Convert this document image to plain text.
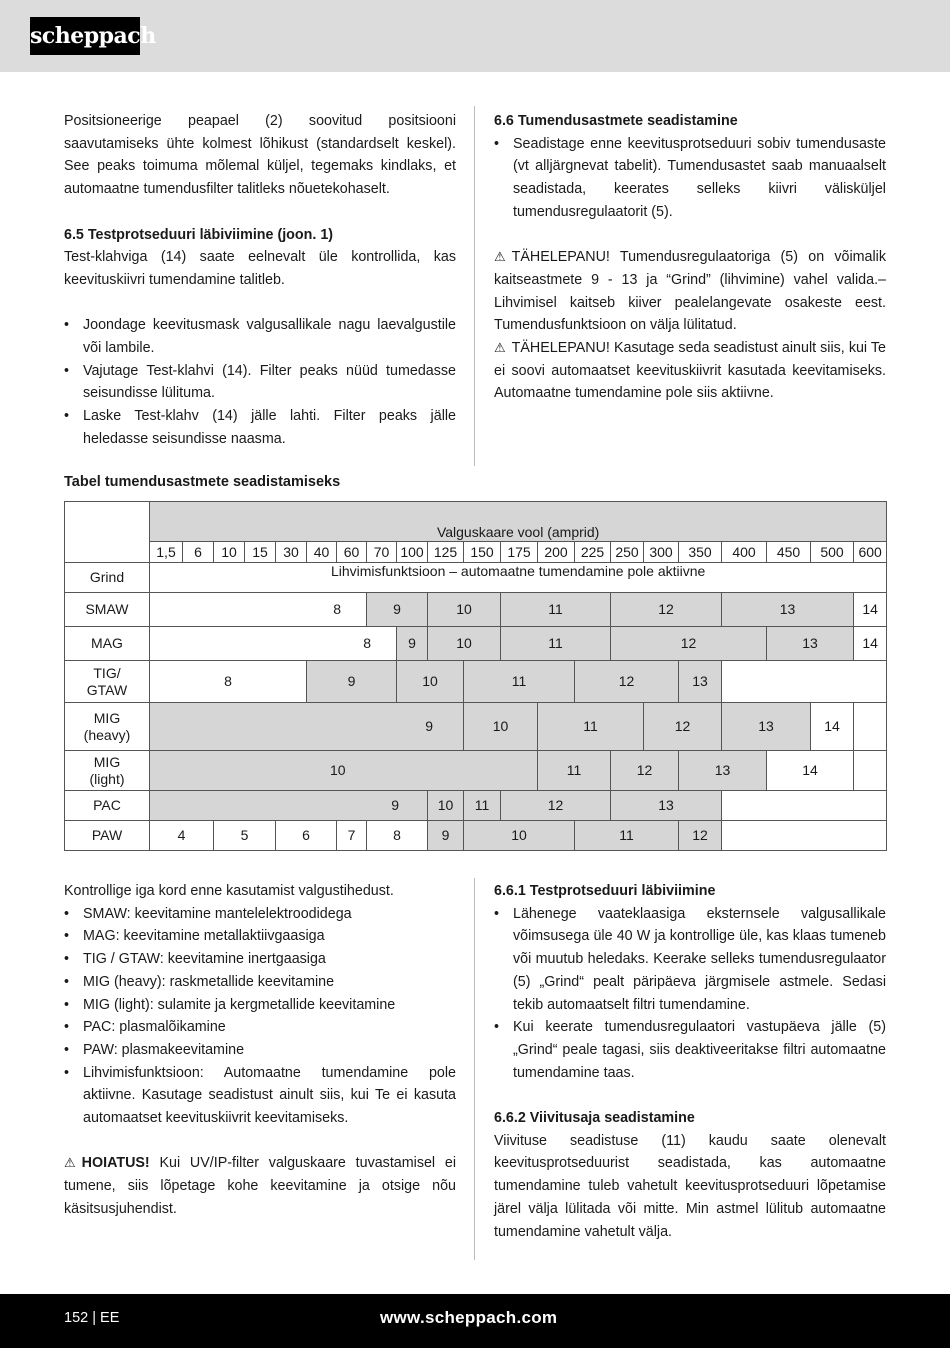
scheppach

Positsioneerige peapael (2) soovitud positsiooni saavutamiseks ühte kolmest lõhikust (standardselt keskel). See peaks toimuma mõlemal küljel, tegemaks kindlaks, et automaatne tumendusfilter talitleks nõuetekohaselt.

6.5 Testprotseduuri läbiviimine (joon. 1)

Test-klahviga (14) saate eelnevalt üle kontrollida, kas keevituskiivri tumendamine talitleb.

• Joondage keevitusmask valgusallikale nagu laevalgustile või lambile.

• Vajutage Test-klahvi (14). Filter peaks nüüd tumedasse seisundisse lülituma.

• Laske Test-klahv (14) jälle lahti. Filter peaks jälle heledasse seisundisse naasma.

6.6 Tumendusastmete seadistamine

• Seadistage enne keevitusprotseduuri sobiv tumendusaste (vt alljärgnevat tabelit). Tumendusastet saab manuaalselt seadistada, keerates selleks kiivri välisküljel tumendusregulaatorit (5).

⚠ TÄHELEPANU! Tumendusregulaatoriga (5) on võimalik kaitseastmete 9 - 13 ja “Grind” (lihvimine) vahel valida.–Lihvimisel kaitseb kiiver pealelangevate osakeste eest. Tumendusfunktsioon on välja lülitatud.

⚠ TÄHELEPANU! Kasutage seda seadistust ainult siis, kui Te ei soovi automaatset keevituskiivrit kasutada keevitamiseks. Automaatne tumendamine pole siis aktiivne.

Tabel tumendusastmete seadistamiseks
	Valguskaare vool (amprid)																				
	1,5	6	10	15	30	40	60	70	100	125	150	175	200	225	250	300	350	400	450	500	600
Grind	Lihvimisfunktsioon – automaatne tumendamine pole aktiivne																				
SMAW	8							9		10		11			12			13			14
MAG	8								9	10		11			12				13		14
TIG/
GTAW	8					9			10		11			12			13				
MIG
(heavy)	9										10		11			12		13		14	
MIG
(light)	10												11		12		13		14		
PAC	9									10	11	12			13						
PAW	4		5		6		7	8		9	10			11			12				

Kontrollige iga kord enne kasutamist valgustihedust.

• SMAW: keevitamine mantelelektroodidega

• MAG: keevitamine metallaktiivgaasiga

• TIG / GTAW: keevitamine inertgaasiga

• MIG (heavy): raskmetallide keevitamine

• MIG (light): sulamite ja kergmetallide keevitamine

• PAC: plasmalõikamine

• PAW: plasmakeevitamine

• Lihvimisfunktsioon: Automaatne tumendamine pole aktiivne. Kasutage seadistust ainult siis, kui Te ei kasuta automaatset keevituskiivrit keevitamiseks.

⚠ HOIATUS! Kui UV/IP-filter valguskaare tuvastamisel ei tumene, siis lõpetage kohe keevitamine ja otsige nõu käsitsusjuhendist.

6.6.1 Testprotseduuri läbiviimine

• Lähenege vaateklaasiga eksternsele valgusallikale võimsusega üle 40 W ja kontrollige üle, kas klaas tumeneb või muutub heledaks. Keerake selleks tumendusregulaator (5) „Grind“ pealt päripäeva järgmisele astmele. Sedasi tekib automaatselt filtri tumendamine.

• Kui keerate tumendusregulaatori vastupäeva jälle (5) „Grind“ peale tagasi, siis deaktiveeritakse filtri automaatne tumendamine taas.

6.6.2 Viivitusaja seadistamine

Viivituse seadistuse (11) kaudu saate olenevalt keevitusprotseduurist seadistada, kas automaatne tumendamine tuleb vahetult keevitusprotseduuri lõpetamise järel välja lülitada või mitte. Min astmel lülitub automaatne tumendamine vahetult välja.

152 | EE	www.scheppach.com
